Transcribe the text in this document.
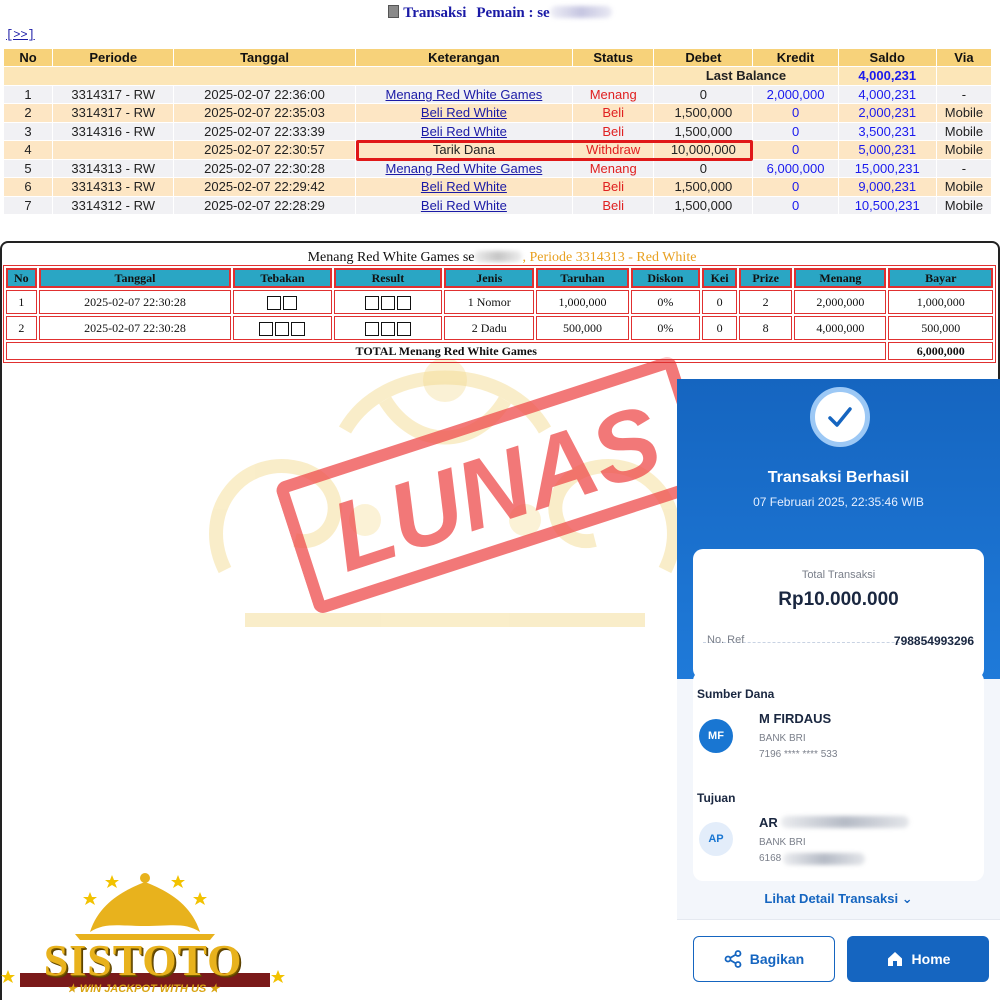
Transaksi Pemain : se
[>>]
No	Periode	Tanggal	Keterangan	Status	Debet	Kredit	Saldo	Via
					Last Balance		4,000,231	
1	3314317 - RW	2025-02-07 22:36:00	Menang Red White Games	Menang	0	2,000,000	4,000,231	-
2	3314317 - RW	2025-02-07 22:35:03	Beli Red White	Beli	1,500,000	0	2,000,231	Mobile
3	3314316 - RW	2025-02-07 22:33:39	Beli Red White	Beli	1,500,000	0	3,500,231	Mobile
4		2025-02-07 22:30:57	Tarik Dana	Withdraw	10,000,000	0	5,000,231	Mobile
5	3314313 - RW	2025-02-07 22:30:28	Menang Red White Games	Menang	0	6,000,000	15,000,231	-
6	3314313 - RW	2025-02-07 22:29:42	Beli Red White	Beli	1,500,000	0	9,000,231	Mobile
7	3314312 - RW	2025-02-07 22:28:29	Beli Red White	Beli	1,500,000	0	10,500,231	Mobile
Menang Red White Games se	, Periode 3314313 - Red White
LUNAS
No	Tanggal	Tebakan	Result	Jenis	Taruhan	Diskon	Kei	Prize	Menang	Bayar
1	2025-02-07 22:30:28			1 Nomor	1,000,000	0%	0	2	2,000,000	1,000,000
2	2025-02-07 22:30:28			2 Dadu	500,000	0%	0	8	4,000,000	500,000
TOTAL Menang Red White Games										6,000,000
Transaksi Berhasil
07 Februari 2025, 22:35:46 WIB
Total Transaksi
Rp10.000.000
No. Ref	798854993296
Sumber Dana
MF
M FIRDAUS
BANK BRI
7196 **** **** 533
Tujuan
AP
AR
BANK BRI
6168
Lihat Detail Transaksi ⌄
Bagikan	Home
SISTOTO
★ WIN JACKPOT WITH US ★
